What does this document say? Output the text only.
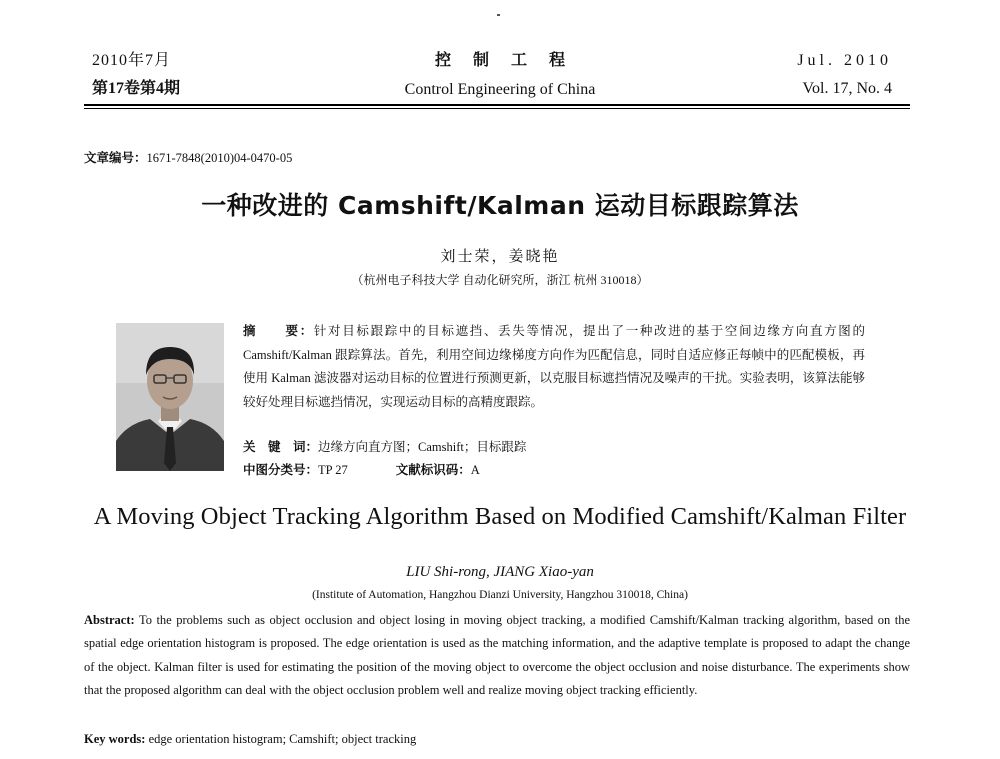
2010年7月
第17卷第4期
控制工程
Control Engineering of China
Jul. 2010
Vol. 17, No. 4
文章编号：1671-7848(2010)04-0470-05
一种改进的 Camshift/Kalman 运动目标跟踪算法
刘士荣，姜晓艳
（杭州电子科技大学 自动化研究所，浙江 杭州 310018）
摘　　要：针对目标跟踪中的目标遮挡、丢失等情况，提出了一种改进的基于空间边缘方向直方图的 Camshift/Kalman 跟踪算法。首先，利用空间边缘梯度方向作为匹配信息，同时自适应修正每帧中的匹配模板，再使用 Kalman 滤波器对运动目标的位置进行预测更新，以克服目标遮挡情况及噪声的干扰。实验表明，该算法能够较好处理目标遮挡情况，实现运动目标的高精度跟踪。
关　键　词：边缘方向直方图；Camshift；目标跟踪
中图分类号：TP 27	文献标识码：A
A Moving Object Tracking Algorithm Based on Modified Camshift/Kalman Filter
LIU Shi-rong, JIANG Xiao-yan
(Institute of Automation, Hangzhou Dianzi University, Hangzhou 310018, China)
Abstract: To the problems such as object occlusion and object losing in moving object tracking, a modified Camshift/Kalman tracking algorithm, based on the spatial edge orientation histogram is proposed. The edge orientation is used as the matching information, and the adaptive template is proposed to adapt the change of the object. Kalman filter is used for estimating the position of the moving object to overcome the object occlusion and noise disturbance. The experiments show that the proposed algorithm can deal with the object occlusion problem well and realize moving object tracking efficiently.
Key words: edge orientation histogram; Camshift; object tracking
